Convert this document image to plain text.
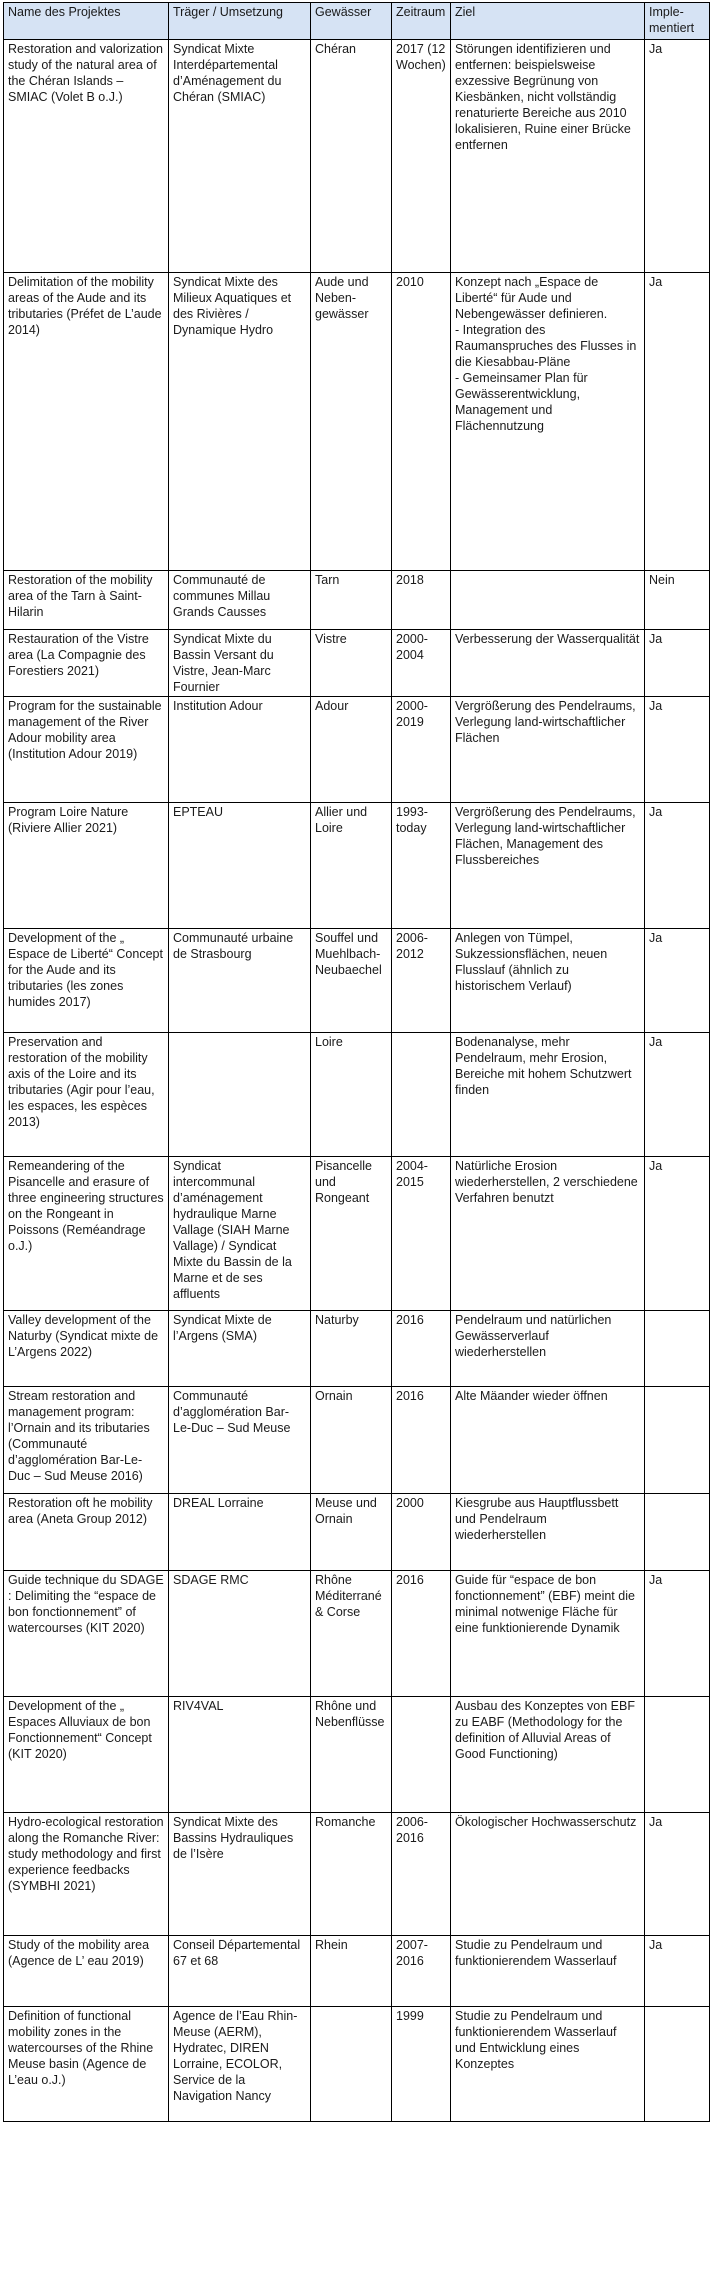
Name des Projektes	Träger / Umsetzung	Gewässer	Zeitraum	Ziel	Imple-
mentiert
Restoration and valorization study of the natural area of the Chéran Islands – SMIAC (Volet B o.J.)	Syndicat Mixte Interdépartemental d’Aménagement du Chéran (SMIAC)	Chéran	2017 (12 Wochen)	Störungen identifizieren und entfernen: beispielsweise exzessive Begrünung von Kiesbänken, nicht vollständig renaturierte Bereiche aus 2010 lokalisieren, Ruine einer Brücke entfernen	Ja
Delimitation of the mobility areas of the Aude and its tributaries (Préfet de L’aude 2014)	Syndicat Mixte des Milieux Aquatiques et des Rivières / Dynamique Hydro	Aude und Neben-gewässer	2010	Konzept nach „Espace de Liberté“ für Aude und Nebengewässer definieren.
- Integration des Raumanspruches des Flusses in die Kiesabbau-Pläne
- Gemeinsamer Plan für Gewässerentwicklung, Management und Flächennutzung	Ja
Restoration of the mobility area of the Tarn à Saint-Hilarin	Communauté de communes Millau Grands Causses	Tarn	2018		Nein
Restauration of the Vistre area (La Compagnie des Forestiers 2021)	Syndicat Mixte du Bassin Versant du Vistre, Jean-Marc Fournier	Vistre	2000-2004	Verbesserung der Wasserqualität	Ja
Program for the sustainable management of the River Adour mobility area (Institution Adour 2019)	Institution Adour	Adour	2000-2019	Vergrößerung des Pendelraums, Verlegung land-wirtschaftlicher Flächen	Ja
Program Loire Nature (Riviere Allier 2021)	EPTEAU	Allier und Loire	1993-today	Vergrößerung des Pendelraums, Verlegung land-wirtschaftlicher Flächen, Management des Flussbereiches	Ja
Development of the „ Espace de Liberté“ Concept for the Aude and its tributaries (les zones humides 2017)	Communauté urbaine de Strasbourg	Souffel und Muehlbach-Neubaechel	2006-2012	Anlegen von Tümpel, Sukzessionsflächen, neuen Flusslauf (ähnlich zu historischem Verlauf)	Ja
Preservation and restoration of the mobility axis of the Loire and its tributaries (Agir pour l’eau, les espaces, les espèces 2013)		Loire		Bodenanalyse, mehr Pendelraum, mehr Erosion, Bereiche mit hohem Schutzwert finden	Ja
Remeandering of the Pisancelle and erasure of three engineering structures on the Rongeant in Poissons (Reméandrage o.J.)	Syndicat intercommunal d’aménagement hydraulique Marne Vallage (SIAH Marne Vallage) / Syndicat Mixte du Bassin de la Marne et de ses affluents	Pisancelle und Rongeant	2004-2015	Natürliche Erosion wiederherstellen, 2 verschiedene Verfahren benutzt	Ja
Valley development of the Naturby (Syndicat mixte de L’Argens 2022)	Syndicat Mixte de l’Argens (SMA)	Naturby	2016	Pendelraum und natürlichen Gewässerverlauf wiederherstellen	
Stream restoration and management program: l’Ornain and its tributaries (Communauté d’agglomération Bar-Le-Duc – Sud Meuse 2016)	Communauté d’agglomération Bar-Le-Duc – Sud Meuse	Ornain	2016	Alte Mäander wieder öffnen	
Restoration oft he mobility area (Aneta Group 2012)	DREAL Lorraine	Meuse und Ornain	2000	Kiesgrube aus Hauptflussbett und Pendelraum wiederherstellen	
Guide technique du SDAGE : Delimiting the “espace de bon fonctionnement” of watercourses (KIT 2020)	SDAGE RMC	Rhône Méditerrané & Corse	2016	Guide für “espace de bon fonctionnement” (EBF) meint die minimal notwenige Fläche für eine funktionierende Dynamik	Ja
Development of the „ Espaces Alluviaux de bon Fonctionnement“ Concept (KIT 2020)	RIV4VAL	Rhône und Nebenflüsse		Ausbau des Konzeptes von EBF zu EABF (Methodology for the definition of Alluvial Areas of Good Functioning)	
Hydro-ecological restoration along the Romanche River: study methodology and first experience feedbacks (SYMBHI 2021)	Syndicat Mixte des Bassins Hydrauliques de l’Isère	Romanche	2006-2016	Ökologischer Hochwasserschutz	Ja
Study of the mobility area (Agence de L’ eau 2019)	Conseil Départemental 67 et 68	Rhein	2007-2016	Studie zu Pendelraum und funktionierendem Wasserlauf	Ja
Definition of functional mobility zones in the watercourses of the Rhine Meuse basin (Agence de L’eau o.J.)	Agence de l’Eau Rhin-Meuse (AERM), Hydratec, DIREN Lorraine, ECOLOR, Service de la Navigation Nancy		1999	Studie zu Pendelraum und funktionierendem Wasserlauf und Entwicklung eines Konzeptes	
